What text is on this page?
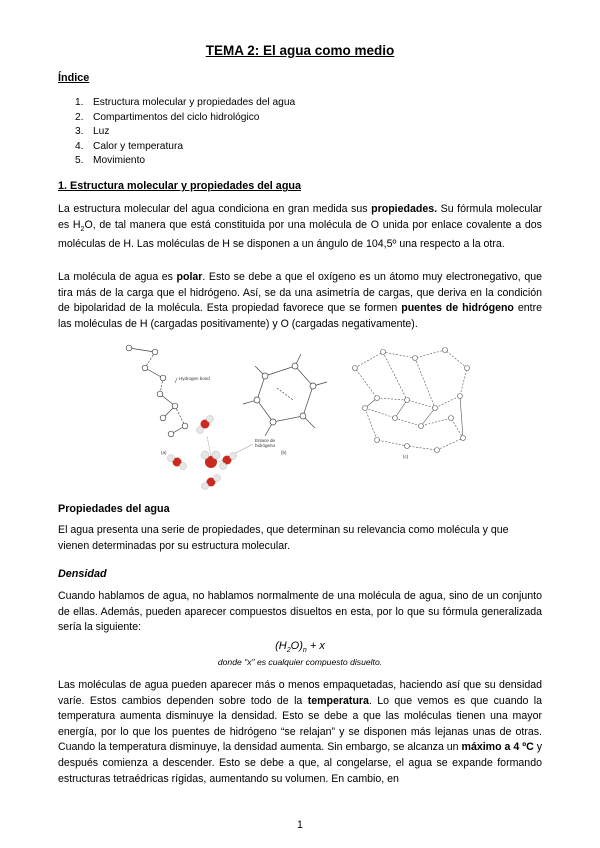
TEMA 2: El agua como medio
Índice
1. Estructura molecular y propiedades del agua
2. Compartimentos del ciclo hidrológico
3. Luz
4. Calor y temperatura
5. Movimiento
1. Estructura molecular y propiedades del agua

La estructura molecular del agua condiciona en gran medida sus propiedades. Su fórmula molecular es $H_2O$, de tal manera que está constituida por una molécula de O unida por enlace covalente a dos moléculas de H. Las moléculas de H se disponen a un ángulo de 104,5º una respecto a la otra.

La molécula de agua es polar. Esto se debe a que el oxígeno es un átomo muy electronegativo, que tira más de la carga que el hidrógeno. Así, se da una asimetría de cargas, que deriva en la condición de bipolaridad de la molécula. Esta propiedad favorece que se formen puentes de hidrógeno entre las moléculas de H (cargadas positivamente) y O (cargadas negativamente).

Hydrogen bond
(a)	(b)
(c)
Enlace de
hidrógeno
Propiedades del agua

El agua presenta una serie de propiedades, que determinan su relevancia como molécula y que vienen determinadas por su estructura molecular.

Densidad

Cuando hablamos de agua, no hablamos normalmente de una molécula de agua, sino de un conjunto de ellas. Además, pueden aparecer compuestos disueltos en esta, por lo que su fórmula generalizada sería la siguiente:

$(H_2O)_n + x$
donde "x" es cualquier compuesto disuelto.

Las moléculas de agua pueden aparecer más o menos empaquetadas, haciendo así que su densidad varíe. Estos cambios dependen sobre todo de la temperatura. Lo que vemos es que cuando la temperatura aumenta disminuye la densidad. Esto se debe a que las moléculas tienen una mayor energía, por lo que los puentes de hidrógeno “se relajan” y se disponen más lejanas unas de otras. Cuando la temperatura disminuye, la densidad aumenta. Sin embargo, se alcanza un máximo a 4 ºC y después comienza a descender. Esto se debe a que, al congelarse, el agua se expande formando estructuras tetraédricas rígidas, aumentando su volumen. En cambio, en

1
